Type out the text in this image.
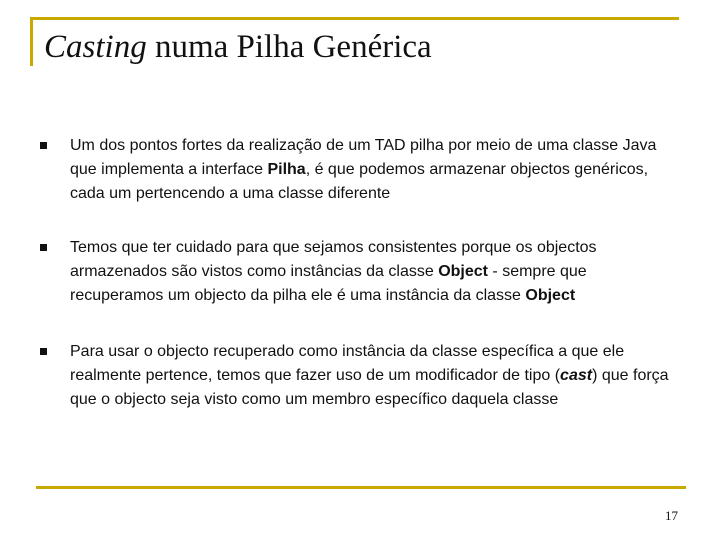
Casting numa Pilha Genérica
Um dos pontos fortes da realização de um TAD pilha por meio de uma classe Java que implementa a interface Pilha, é que podemos armazenar objectos genéricos, cada um pertencendo a uma classe diferente
Temos que ter cuidado para que sejamos consistentes porque os objectos armazenados são vistos como instâncias da classe Object - sempre que recuperamos um objecto da pilha ele é uma instância da classe Object
Para usar o objecto recuperado como instância da classe específica a que ele realmente pertence, temos que fazer uso de um modificador de tipo (cast) que força que o objecto seja visto como um membro específico daquela classe
17
